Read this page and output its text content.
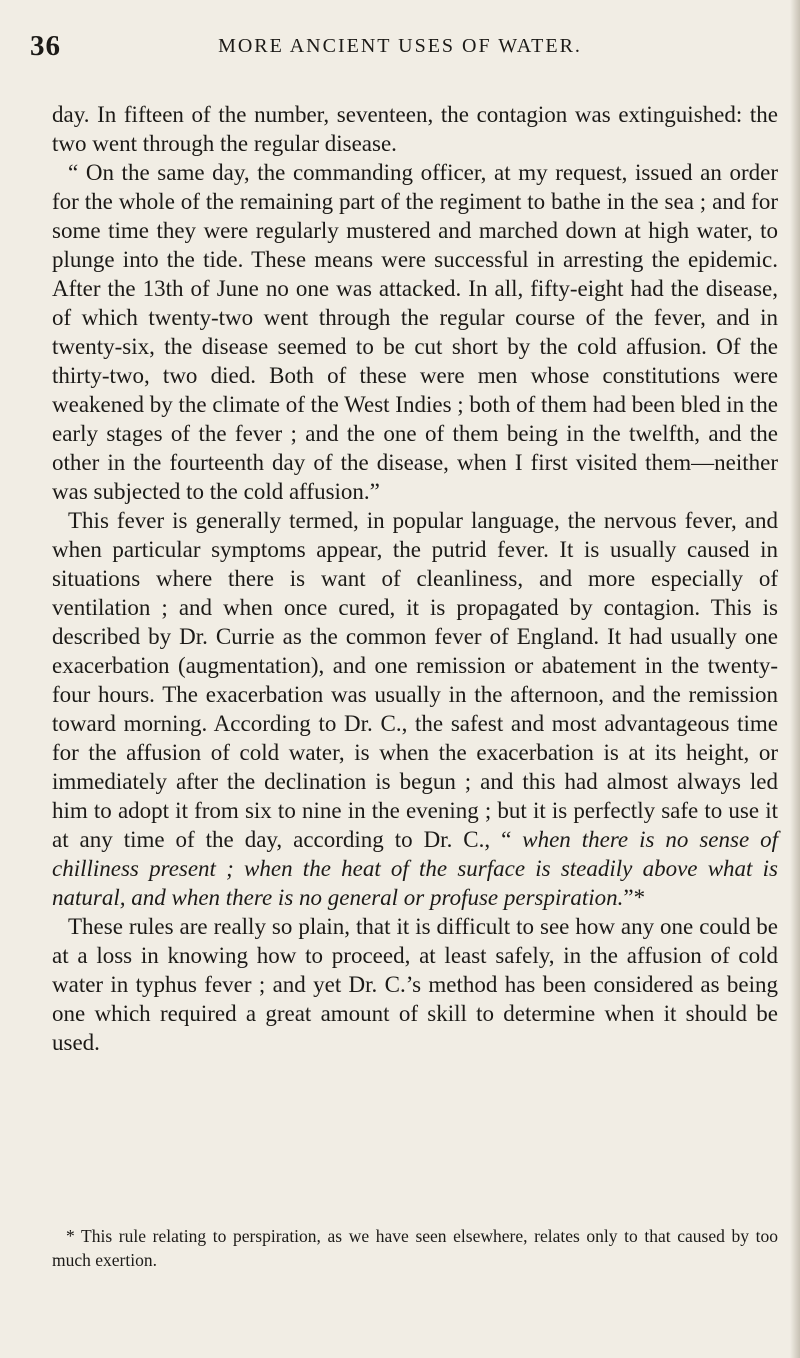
36	MORE ANCIENT USES OF WATER.

day. In fifteen of the number, seventeen, the contagion was extinguished: the two went through the regular disease.

“ On the same day, the commanding officer, at my request, issued an order for the whole of the remaining part of the regiment to bathe in the sea ; and for some time they were regularly mustered and marched down at high water, to plunge into the tide. These means were successful in arresting the epidemic. After the 13th of June no one was attacked. In all, fifty-eight had the disease, of which twenty-two went through the regular course of the fever, and in twenty-six, the disease seemed to be cut short by the cold affusion. Of the thirty-two, two died. Both of these were men whose constitutions were weakened by the climate of the West Indies ; both of them had been bled in the early stages of the fever ; and the one of them being in the twelfth, and the other in the fourteenth day of the disease, when I first visited them—neither was subjected to the cold affusion.”

This fever is generally termed, in popular language, the nervous fever, and when particular symptoms appear, the putrid fever. It is usually caused in situations where there is want of cleanliness, and more especially of ventilation ; and when once cured, it is propagated by contagion. This is described by Dr. Currie as the common fever of England. It had usually one exacerbation (augmentation), and one remission or abatement in the twenty-four hours. The exacerbation was usually in the afternoon, and the remission toward morning. According to Dr. C., the safest and most advantageous time for the affusion of cold water, is when the exacerbation is at its height, or immediately after the declination is begun ; and this had almost always led him to adopt it from six to nine in the evening ; but it is perfectly safe to use it at any time of the day, according to Dr. C., “ when there is no sense of chilliness present ; when the heat of the surface is steadily above what is natural, and when there is no general or profuse perspiration.”*

These rules are really so plain, that it is difficult to see how any one could be at a loss in knowing how to proceed, at least safely, in the affusion of cold water in typhus fever ; and yet Dr. C.’s method has been considered as being one which required a great amount of skill to determine when it should be used.

* This rule relating to perspiration, as we have seen elsewhere, relates only to that caused by too much exertion.
